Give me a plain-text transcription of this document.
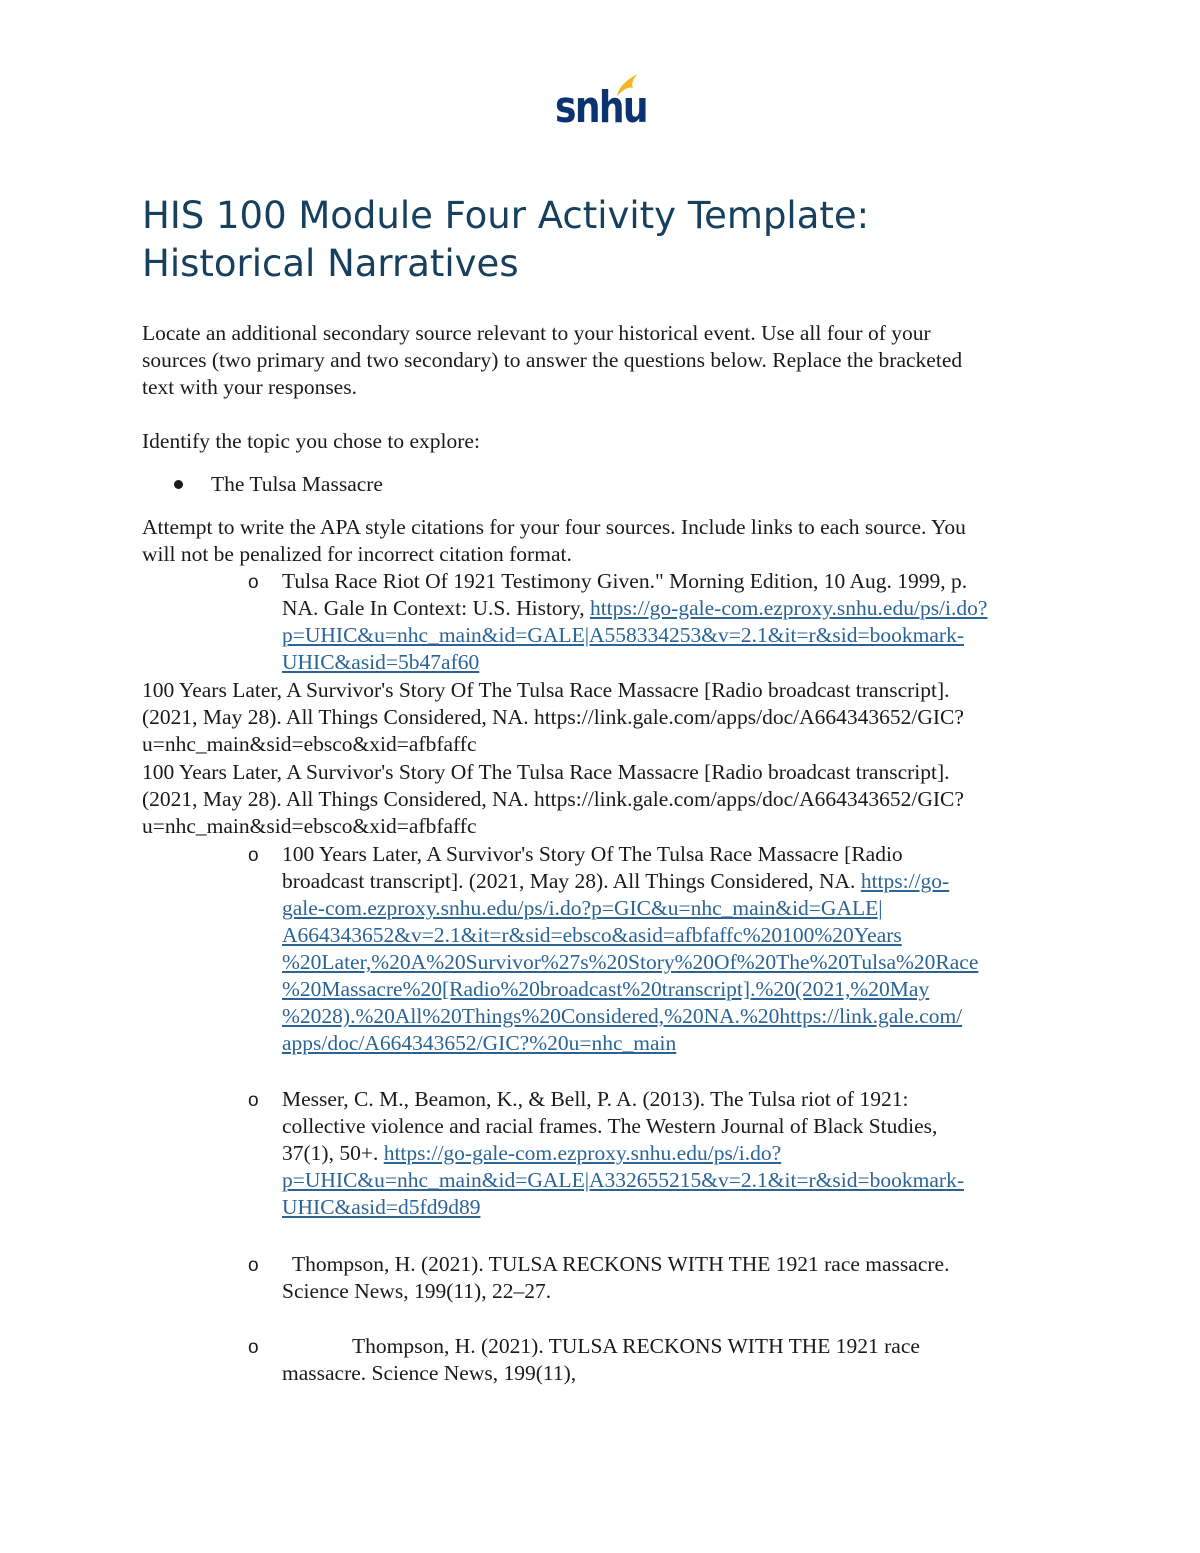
snhu
HIS 100 Module Four Activity Template:
Historical Narratives
Locate an additional secondary source relevant to your historical event. Use all four of your
sources (two primary and two secondary) to answer the questions below. Replace the bracketed
text with your responses.
Identify the topic you chose to explore:
The Tulsa Massacre
Attempt to write the APA style citations for your four sources. Include links to each source. You
will not be penalized for incorrect citation format.
o Tulsa Race Riot Of 1921 Testimony Given." Morning Edition, 10 Aug. 1999, p.
NA. Gale In Context: U.S. History, https://go-gale-com.ezproxy.snhu.edu/ps/i.do?
p=UHIC&u=nhc_main&id=GALE|A558334253&v=2.1&it=r&sid=bookmark-
UHIC&asid=5b47af60
100 Years Later, A Survivor's Story Of The Tulsa Race Massacre [Radio broadcast transcript].
(2021, May 28). All Things Considered, NA. https://link.gale.com/apps/doc/A664343652/GIC?
u=nhc_main&sid=ebsco&xid=afbfaffc
100 Years Later, A Survivor's Story Of The Tulsa Race Massacre [Radio broadcast transcript].
(2021, May 28). All Things Considered, NA. https://link.gale.com/apps/doc/A664343652/GIC?
u=nhc_main&sid=ebsco&xid=afbfaffc
o 100 Years Later, A Survivor's Story Of The Tulsa Race Massacre [Radio
broadcast transcript]. (2021, May 28). All Things Considered, NA. https://go-
gale-com.ezproxy.snhu.edu/ps/i.do?p=GIC&u=nhc_main&id=GALE|
A664343652&v=2.1&it=r&sid=ebsco&asid=afbfaffc%20100%20Years
%20Later,%20A%20Survivor%27s%20Story%20Of%20The%20Tulsa%20Race
%20Massacre%20[Radio%20broadcast%20transcript].%20(2021,%20May
%2028).%20All%20Things%20Considered,%20NA.%20https://link.gale.com/
apps/doc/A664343652/GIC?%20u=nhc_main
o Messer, C. M., Beamon, K., & Bell, P. A. (2013). The Tulsa riot of 1921:
collective violence and racial frames. The Western Journal of Black Studies,
37(1), 50+. https://go-gale-com.ezproxy.snhu.edu/ps/i.do?
p=UHIC&u=nhc_main&id=GALE|A332655215&v=2.1&it=r&sid=bookmark-
UHIC&asid=d5fd9d89
o	Thompson, H. (2021). TULSA RECKONS WITH THE 1921 race massacre.
Science News, 199(11), 22–27.
o	Thompson, H. (2021). TULSA RECKONS WITH THE 1921 race
massacre. Science News, 199(11),
